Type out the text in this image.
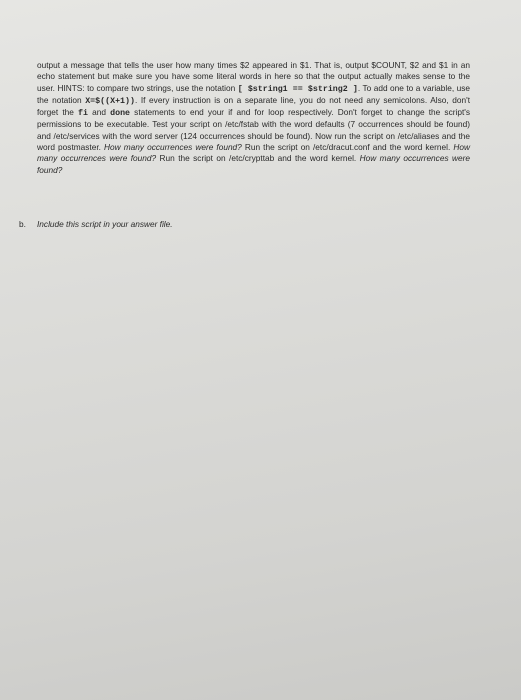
output a message that tells the user how many times $2 appeared in $1. That is, output $COUNT, $2 and $1 in an echo statement but make sure you have some literal words in here so that the output actually makes sense to the user. HINTS: to compare two strings, use the notation [ $string1 == $string2 ]. To add one to a variable, use the notation X=$((X+1)). If every instruction is on a separate line, you do not need any semicolons. Also, don't forget the fi and done statements to end your if and for loop respectively. Don't forget to change the script's permissions to be executable. Test your script on /etc/fstab with the word defaults (7 occurrences should be found) and /etc/services with the word server (124 occurrences should be found). Now run the script on /etc/aliases and the word postmaster. How many occurrences were found? Run the script on /etc/dracut.conf and the word kernel. How many occurrences were found? Run the script on /etc/crypttab and the word kernel. How many occurrences were found?

b. Include this script in your answer file.
